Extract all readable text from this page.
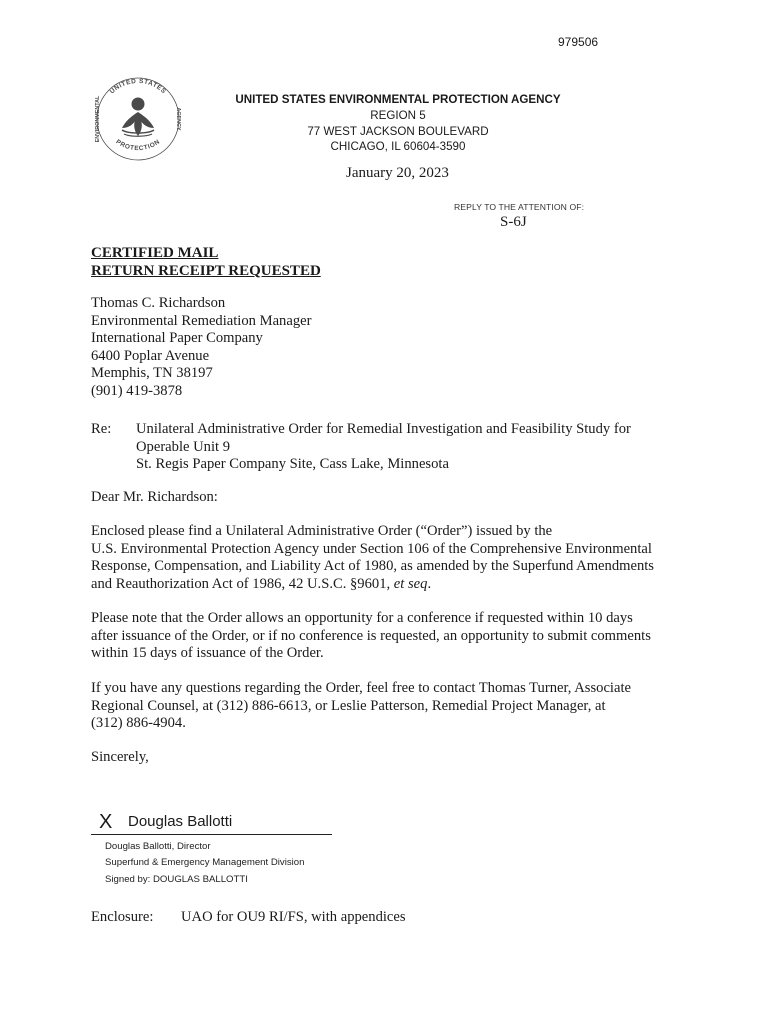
979506
UNITED STATES
PROTECTION
ENVIRONMENTAL	AGENCY
UNITED STATES ENVIRONMENTAL PROTECTION AGENCY
REGION 5
77 WEST JACKSON BOULEVARD
CHICAGO, IL 60604-3590
January 20, 2023
REPLY TO THE ATTENTION OF:
S-6J
CERTIFIED MAIL
RETURN RECEIPT REQUESTED
Thomas C. Richardson
Environmental Remediation Manager
International Paper Company
6400 Poplar Avenue
Memphis, TN 38197
(901) 419-3878
Re: Unilateral Administrative Order for Remedial Investigation and Feasibility Study for
Operable Unit 9
St. Regis Paper Company Site, Cass Lake, Minnesota
Dear Mr. Richardson:
Enclosed please find a Unilateral Administrative Order (“Order”) issued by the
U.S. Environmental Protection Agency under Section 106 of the Comprehensive Environmental
Response, Compensation, and Liability Act of 1980, as amended by the Superfund Amendments
and Reauthorization Act of 1986, 42 U.S.C. §9601, et seq.
Please note that the Order allows an opportunity for a conference if requested within 10 days
after issuance of the Order, or if no conference is requested, an opportunity to submit comments
within 15 days of issuance of the Order.
If you have any questions regarding the Order, feel free to contact Thomas Turner, Associate
Regional Counsel, at (312) 886-6613, or Leslie Patterson, Remedial Project Manager, at
(312) 886-4904.
Sincerely,
X Douglas Ballotti
Douglas Ballotti, Director
Superfund & Emergency Management Division
Signed by: DOUGLAS BALLOTTI
Enclosure: UAO for OU9 RI/FS, with appendices
